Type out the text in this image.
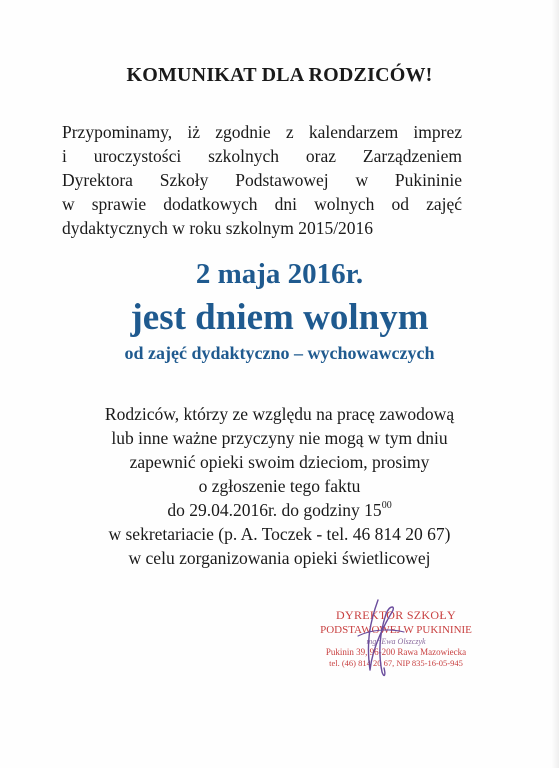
KOMUNIKAT DLA RODZICÓW!
Przypominamy, iż zgodnie z kalendarzem imprez
i uroczystości szkolnych oraz Zarządzeniem
Dyrektora Szkoły Podstawowej w Pukininie
w sprawie dodatkowych dni wolnych od zajęć
dydaktycznych w roku szkolnym 2015/2016
2 maja 2016r.
jest dniem wolnym
od zajęć dydaktyczno – wychowawczych
Rodziców, którzy ze względu na pracę zawodową
lub inne ważne przyczyny nie mogą w tym dniu
zapewnić opieki swoim dzieciom, prosimy
o zgłoszenie tego faktu
do 29.04.2016r. do godziny $15^{00}$
w sekretariacie (p. A. Toczek - tel. 46 814 20 67)
w celu zorganizowania opieki świetlicowej
DYREKTOR SZKOŁY
PODSTAWOWEJ W PUKININIE
mgr Ewa Olszczyk
Pukinin 39, 96-200 Rawa Mazowiecka
tel. (46) 814 20 67, NIP 835-16-05-945
